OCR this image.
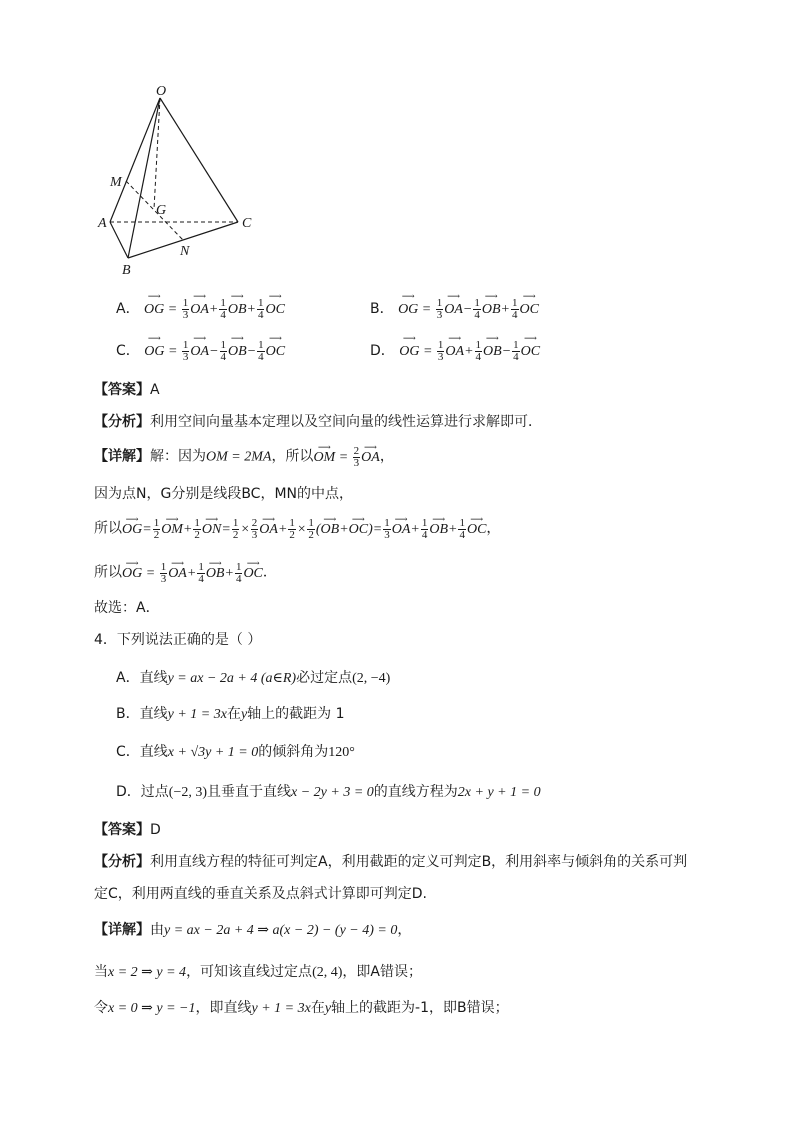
O
M
G
A	C
N
B
A． ⟶ OG = $\frac{1}{3}$ ⟶ $OA+ \frac{1}{4}$ ⟶ $OB+ \frac{1}{4}$ ⟶ OC	B． ⟶ OG = $\frac{1}{3}$ ⟶ $OA- \frac{1}{4}$ ⟶ $OB+ \frac{1}{4}$ ⟶ OC
C． ⟶ OG = $\frac{1}{3}$ ⟶ $OA- \frac{1}{4}$ ⟶ $OB- \frac{1}{4}$ ⟶ OC	D． ⟶ OG = $\frac{1}{3}$ ⟶ $OA+ \frac{1}{4}$ ⟶ $OB- \frac{1}{4}$ ⟶ OC
【答案】A
【分析】利用空间向量基本定理以及空间向量的线性运算进行求解即可．
【详解】解：因为OM = 2MA，所以⟶ OM = $\frac{2}{3}$ ⟶ OA，
因为点N，G分别是线段BC，MN的中点，
所以⟶ $OG= \frac{1}{2}$ ⟶ $OM+ \frac{1}{2}$ ⟶ $ON= \frac{1}{2} \times \frac{2}{3}$ ⟶ $OA+ \frac{1}{2} \times \frac{1}{2}$ (⟶ OB+⟶ $OC)= \frac{1}{3}$ ⟶ $OA+ \frac{1}{4}$ ⟶ $OB+ \frac{1}{4}$ ⟶ OC，
所以⟶ OG = $\frac{1}{3}$ ⟶ $OA+ \frac{1}{4}$ ⟶ $OB+ \frac{1}{4}$ ⟶ OC．
故选：A．
4．下列说法正确的是（ ）
A．直线y = ax − 2a + 4 (a∈R)必过定点(2, −4)
B．直线y + 1 = 3x在y轴上的截距为 1
C．直线x + √3y + 1 = 0的倾斜角为120°
D．过点(−2, 3)且垂直于直线x − 2y + 3 = 0的直线方程为2x + y + 1 = 0
【答案】D
【分析】利用直线方程的特征可判定A，利用截距的定义可判定B，利用斜率与倾斜角的关系可判
定C，利用两直线的垂直关系及点斜式计算即可判定D.
【详解】由y = ax − 2a + 4 ⇒ a(x − 2) − (y − 4) = 0，
当x = 2 ⇒ y = 4，可知该直线过定点(2, 4)，即A错误；
令x = 0 ⇒ y = −1，即直线y + 1 = 3x在y轴上的截距为-1，即B错误；
